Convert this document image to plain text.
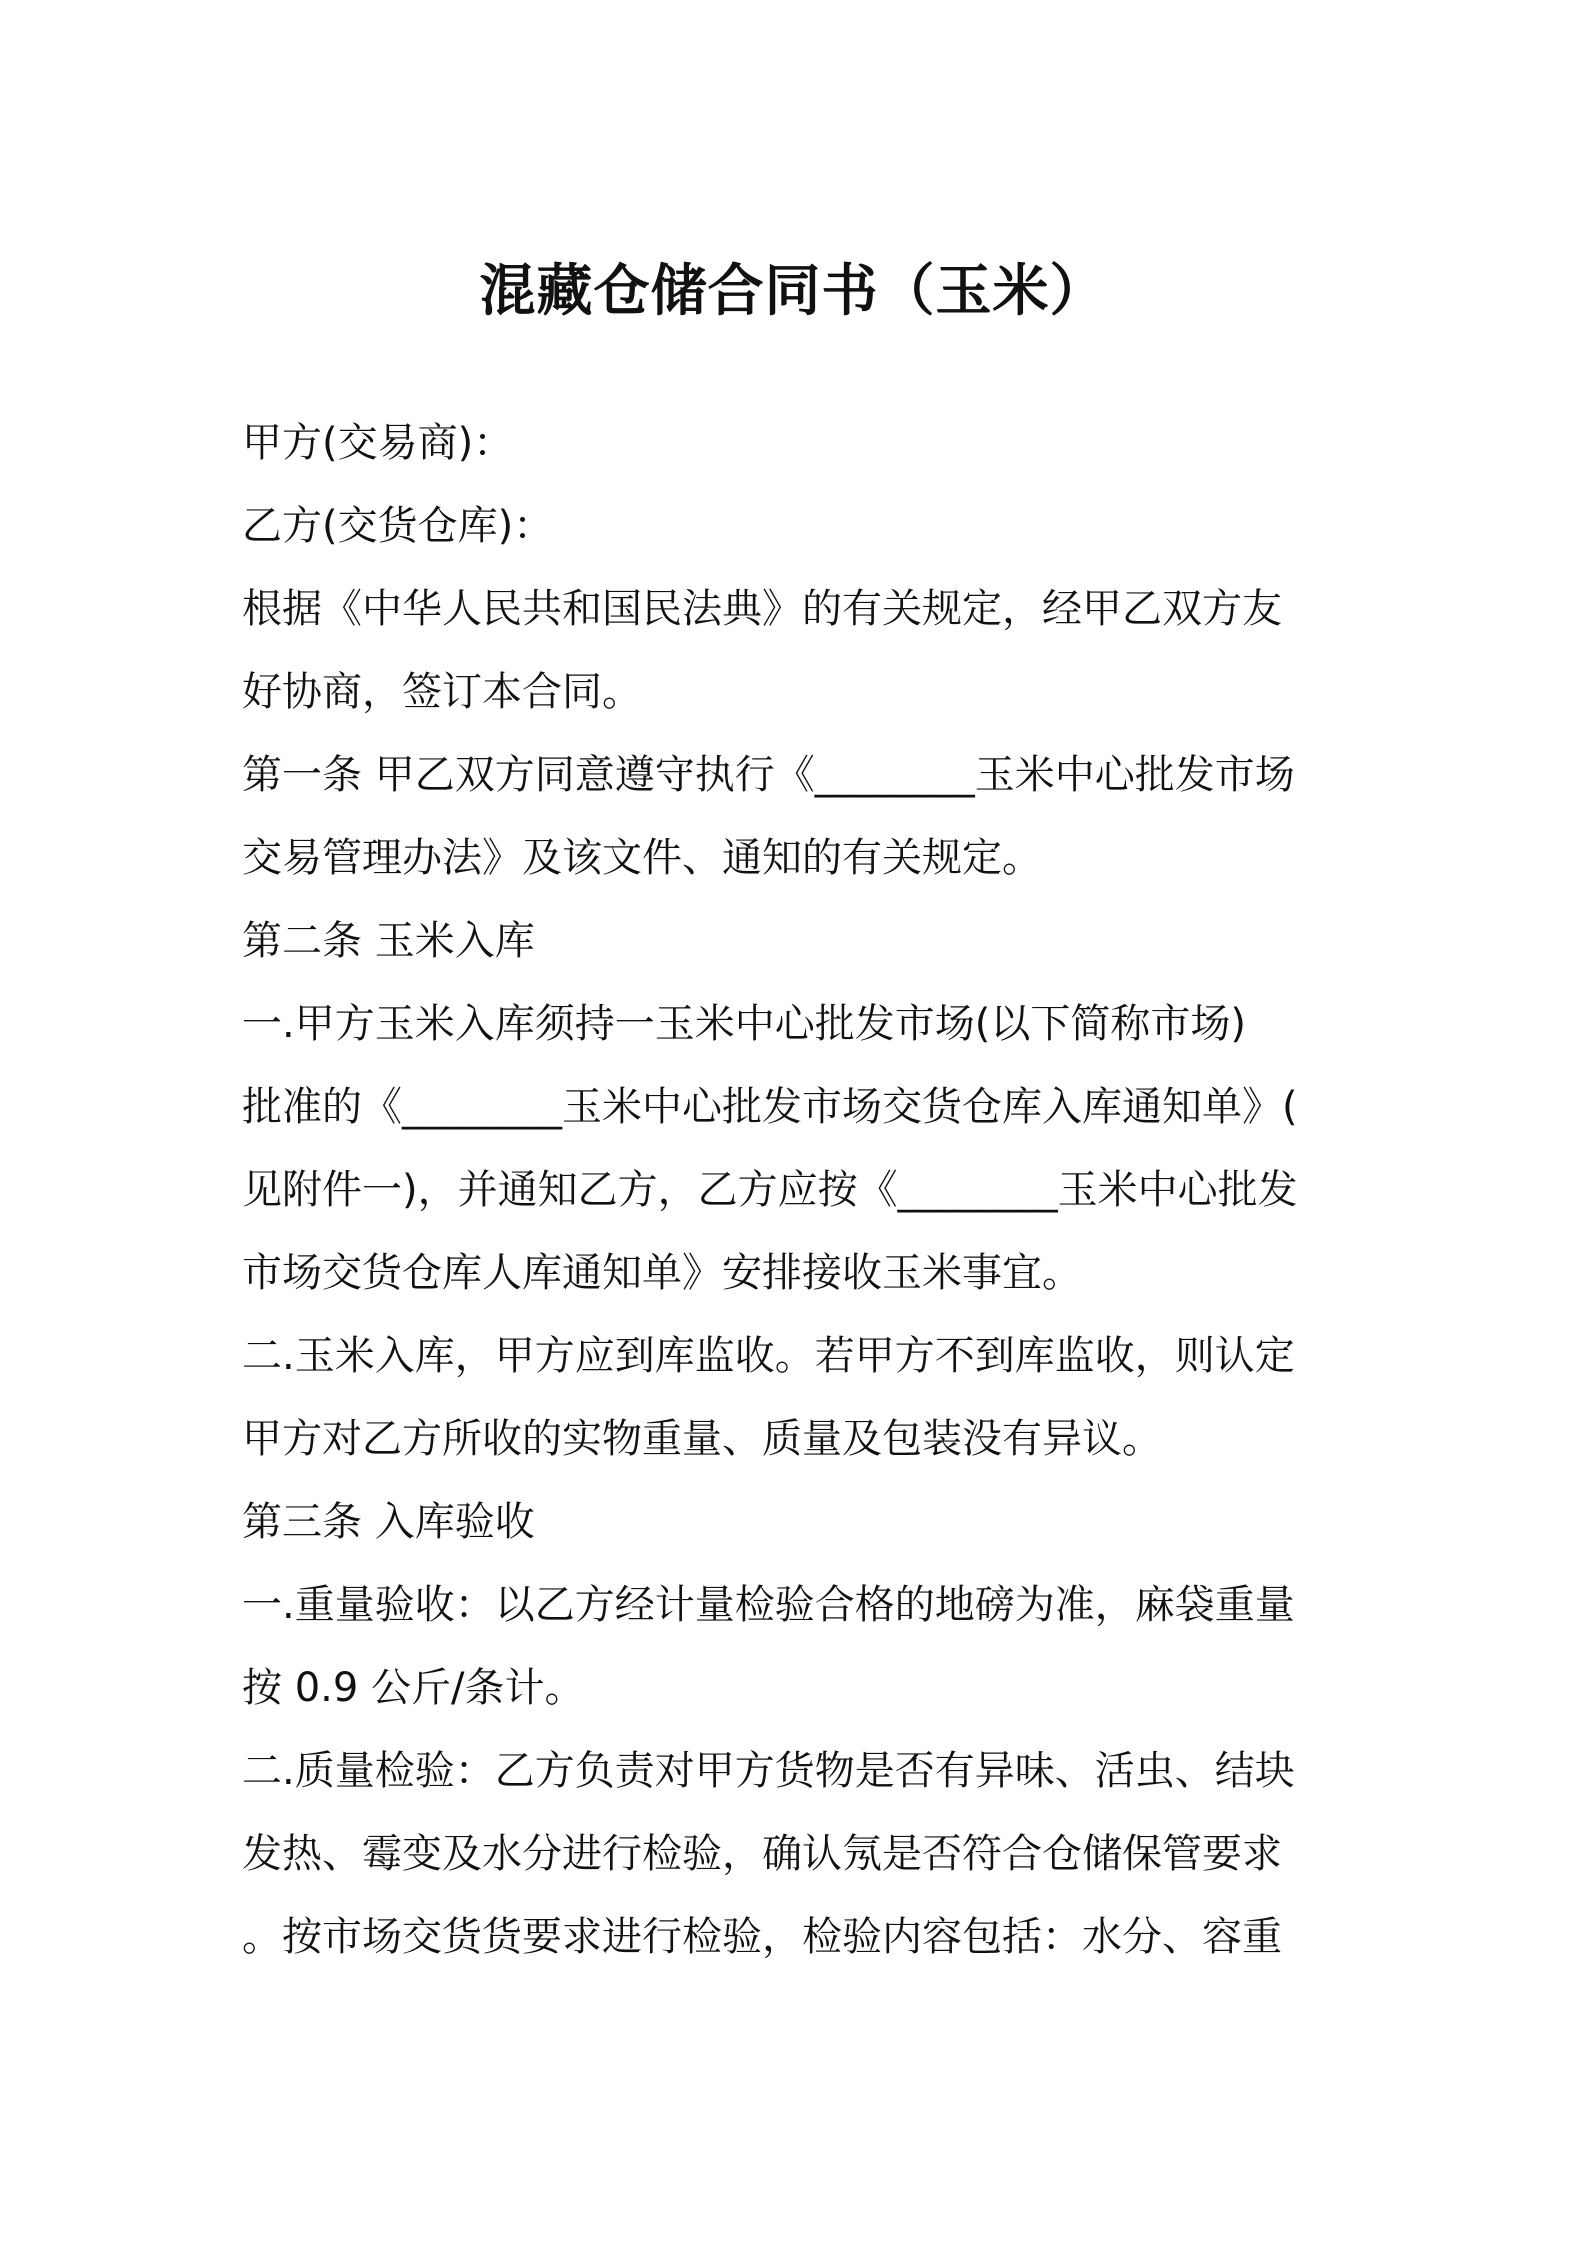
混藏仓储合同书（玉米）
甲方(交易商)：
乙方(交货仓库)：
根据《中华人民共和国民法典》的有关规定，经甲乙双方友
好协商，签订本合同。
第一条 甲乙双方同意遵守执行《________玉米中心批发市场
交易管理办法》及该文件、通知的有关规定。
第二条 玉米入库
一.甲方玉米入库须持一玉米中心批发市场(以下简称市场)
批准的《________玉米中心批发市场交货仓库入库通知单》(
见附件一)，并通知乙方，乙方应按《________玉米中心批发
市场交货仓库人库通知单》安排接收玉米事宜。
二.玉米入库，甲方应到库监收。若甲方不到库监收，则认定
甲方对乙方所收的实物重量、质量及包装没有异议。
第三条 入库验收
一.重量验收：以乙方经计量检验合格的地磅为准，麻袋重量
按 0.9 公斤/条计。
二.质量检验：乙方负责对甲方货物是否有异味、活虫、结块
发热、霉变及水分进行检验，确认氖是否符合仓储保管要求
。按市场交货货要求进行检验，检验内容包括：水分、容重
